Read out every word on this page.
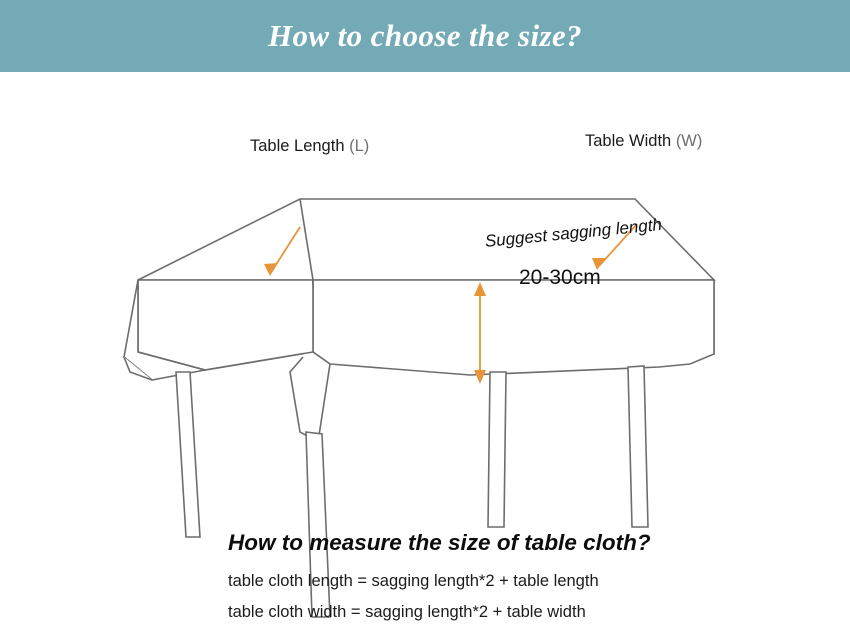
How to choose the size?
Table Length (L)	Table Width (W)
Suggest sagging length
20-30cm
How to measure the size of table cloth?
table cloth length = sagging length*2 + table length
table cloth width = sagging length*2 + table width
